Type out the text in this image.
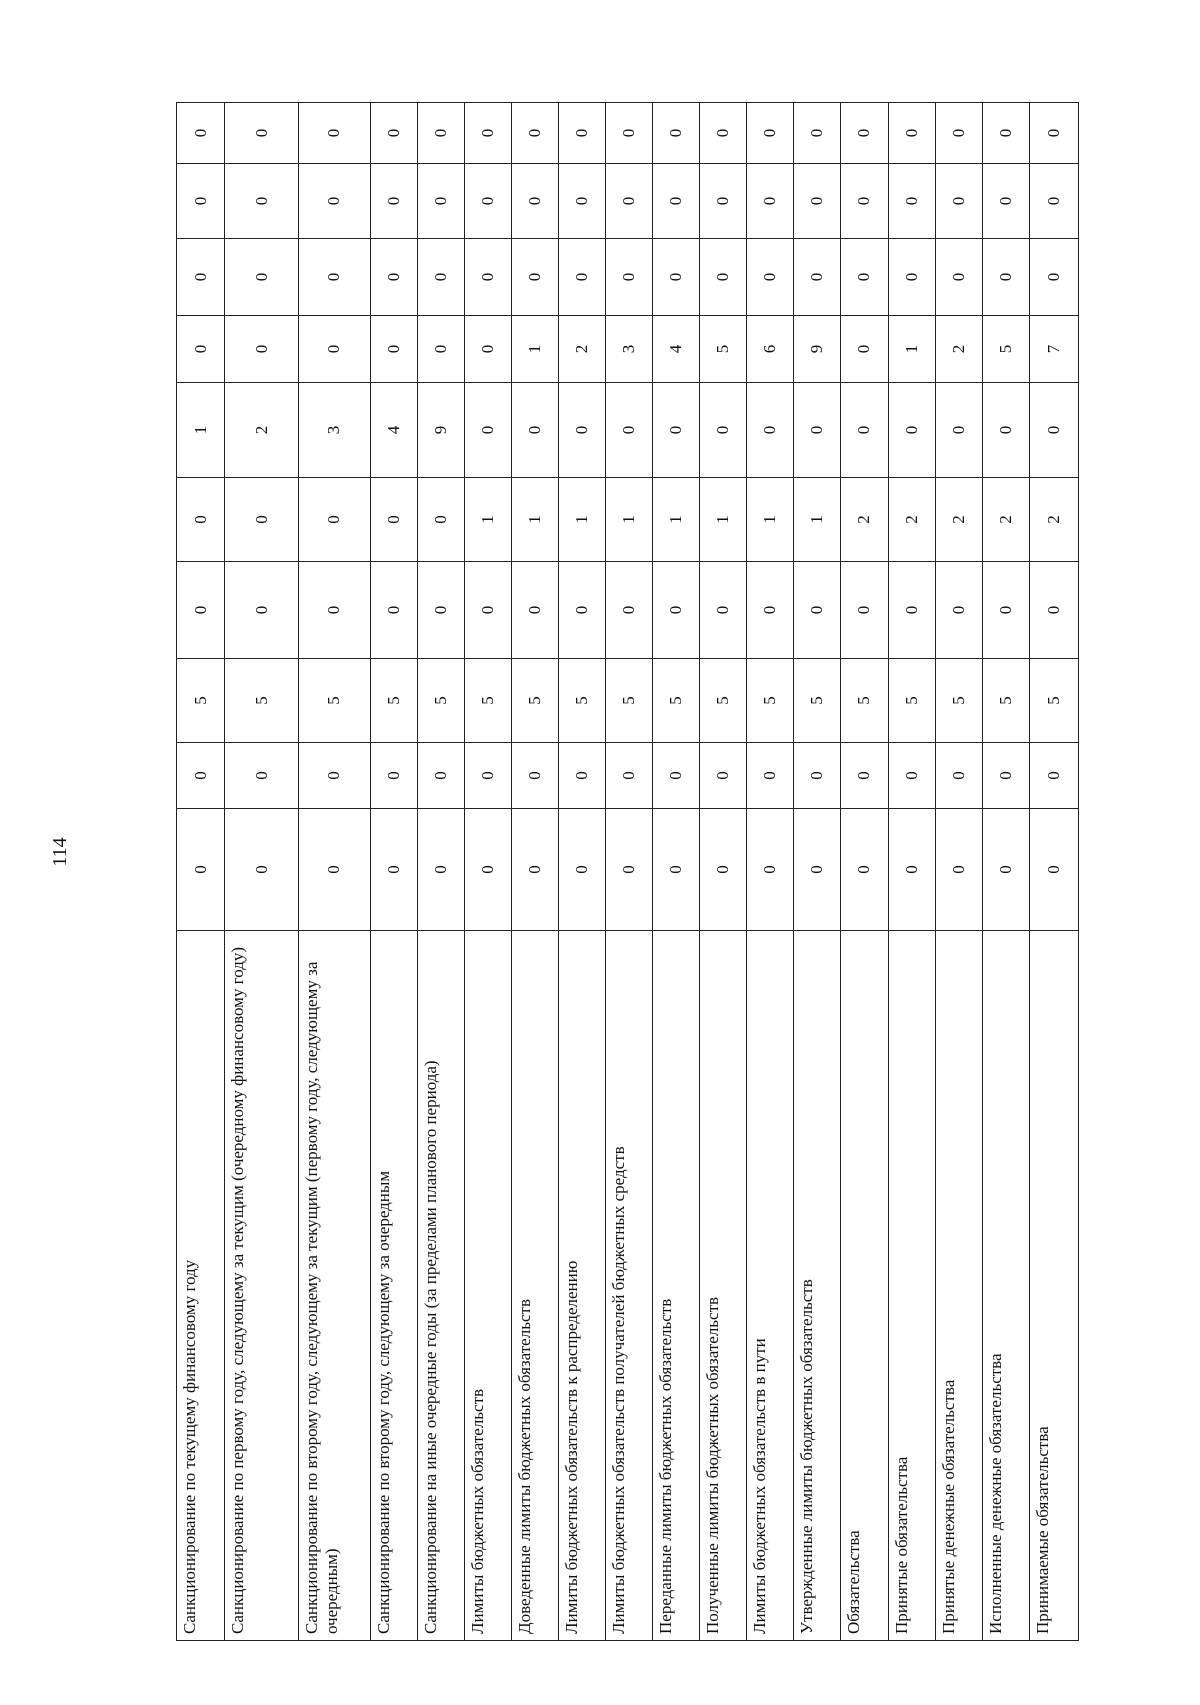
114
Санкционирование по текущему финансовому году	0	0	5	0	0	1	0	0	0	0
Санкционирование по первому году, следующему за текущим (очередному финансовому году)	0	0	5	0	0	2	0	0	0	0
Санкционирование по второму году, следующему за текущим (первому году, следующему за очередным)	0	0	5	0	0	3	0	0	0	0
Санкционирование по второму году, следующему за очередным	0	0	5	0	0	4	0	0	0	0
Санкционирование на иные очередные годы (за пределами планового периода)	0	0	5	0	0	9	0	0	0	0
Лимиты бюджетных обязательств	0	0	5	0	1	0	0	0	0	0
Доведенные лимиты бюджетных обязательств	0	0	5	0	1	0	1	0	0	0
Лимиты бюджетных обязательств к распределению	0	0	5	0	1	0	2	0	0	0
Лимиты бюджетных обязательств получателей бюджетных средств	0	0	5	0	1	0	3	0	0	0
Переданные лимиты бюджетных обязательств	0	0	5	0	1	0	4	0	0	0
Полученные лимиты бюджетных обязательств	0	0	5	0	1	0	5	0	0	0
Лимиты бюджетных обязательств в пути	0	0	5	0	1	0	6	0	0	0
Утвержденные лимиты бюджетных обязательств	0	0	5	0	1	0	9	0	0	0
Обязательства	0	0	5	0	2	0	0	0	0	0
Принятые обязательства	0	0	5	0	2	0	1	0	0	0
Принятые денежные обязательства	0	0	5	0	2	0	2	0	0	0
Исполненные денежные обязательства	0	0	5	0	2	0	5	0	0	0
Принимаемые обязательства	0	0	5	0	2	0	7	0	0	0
